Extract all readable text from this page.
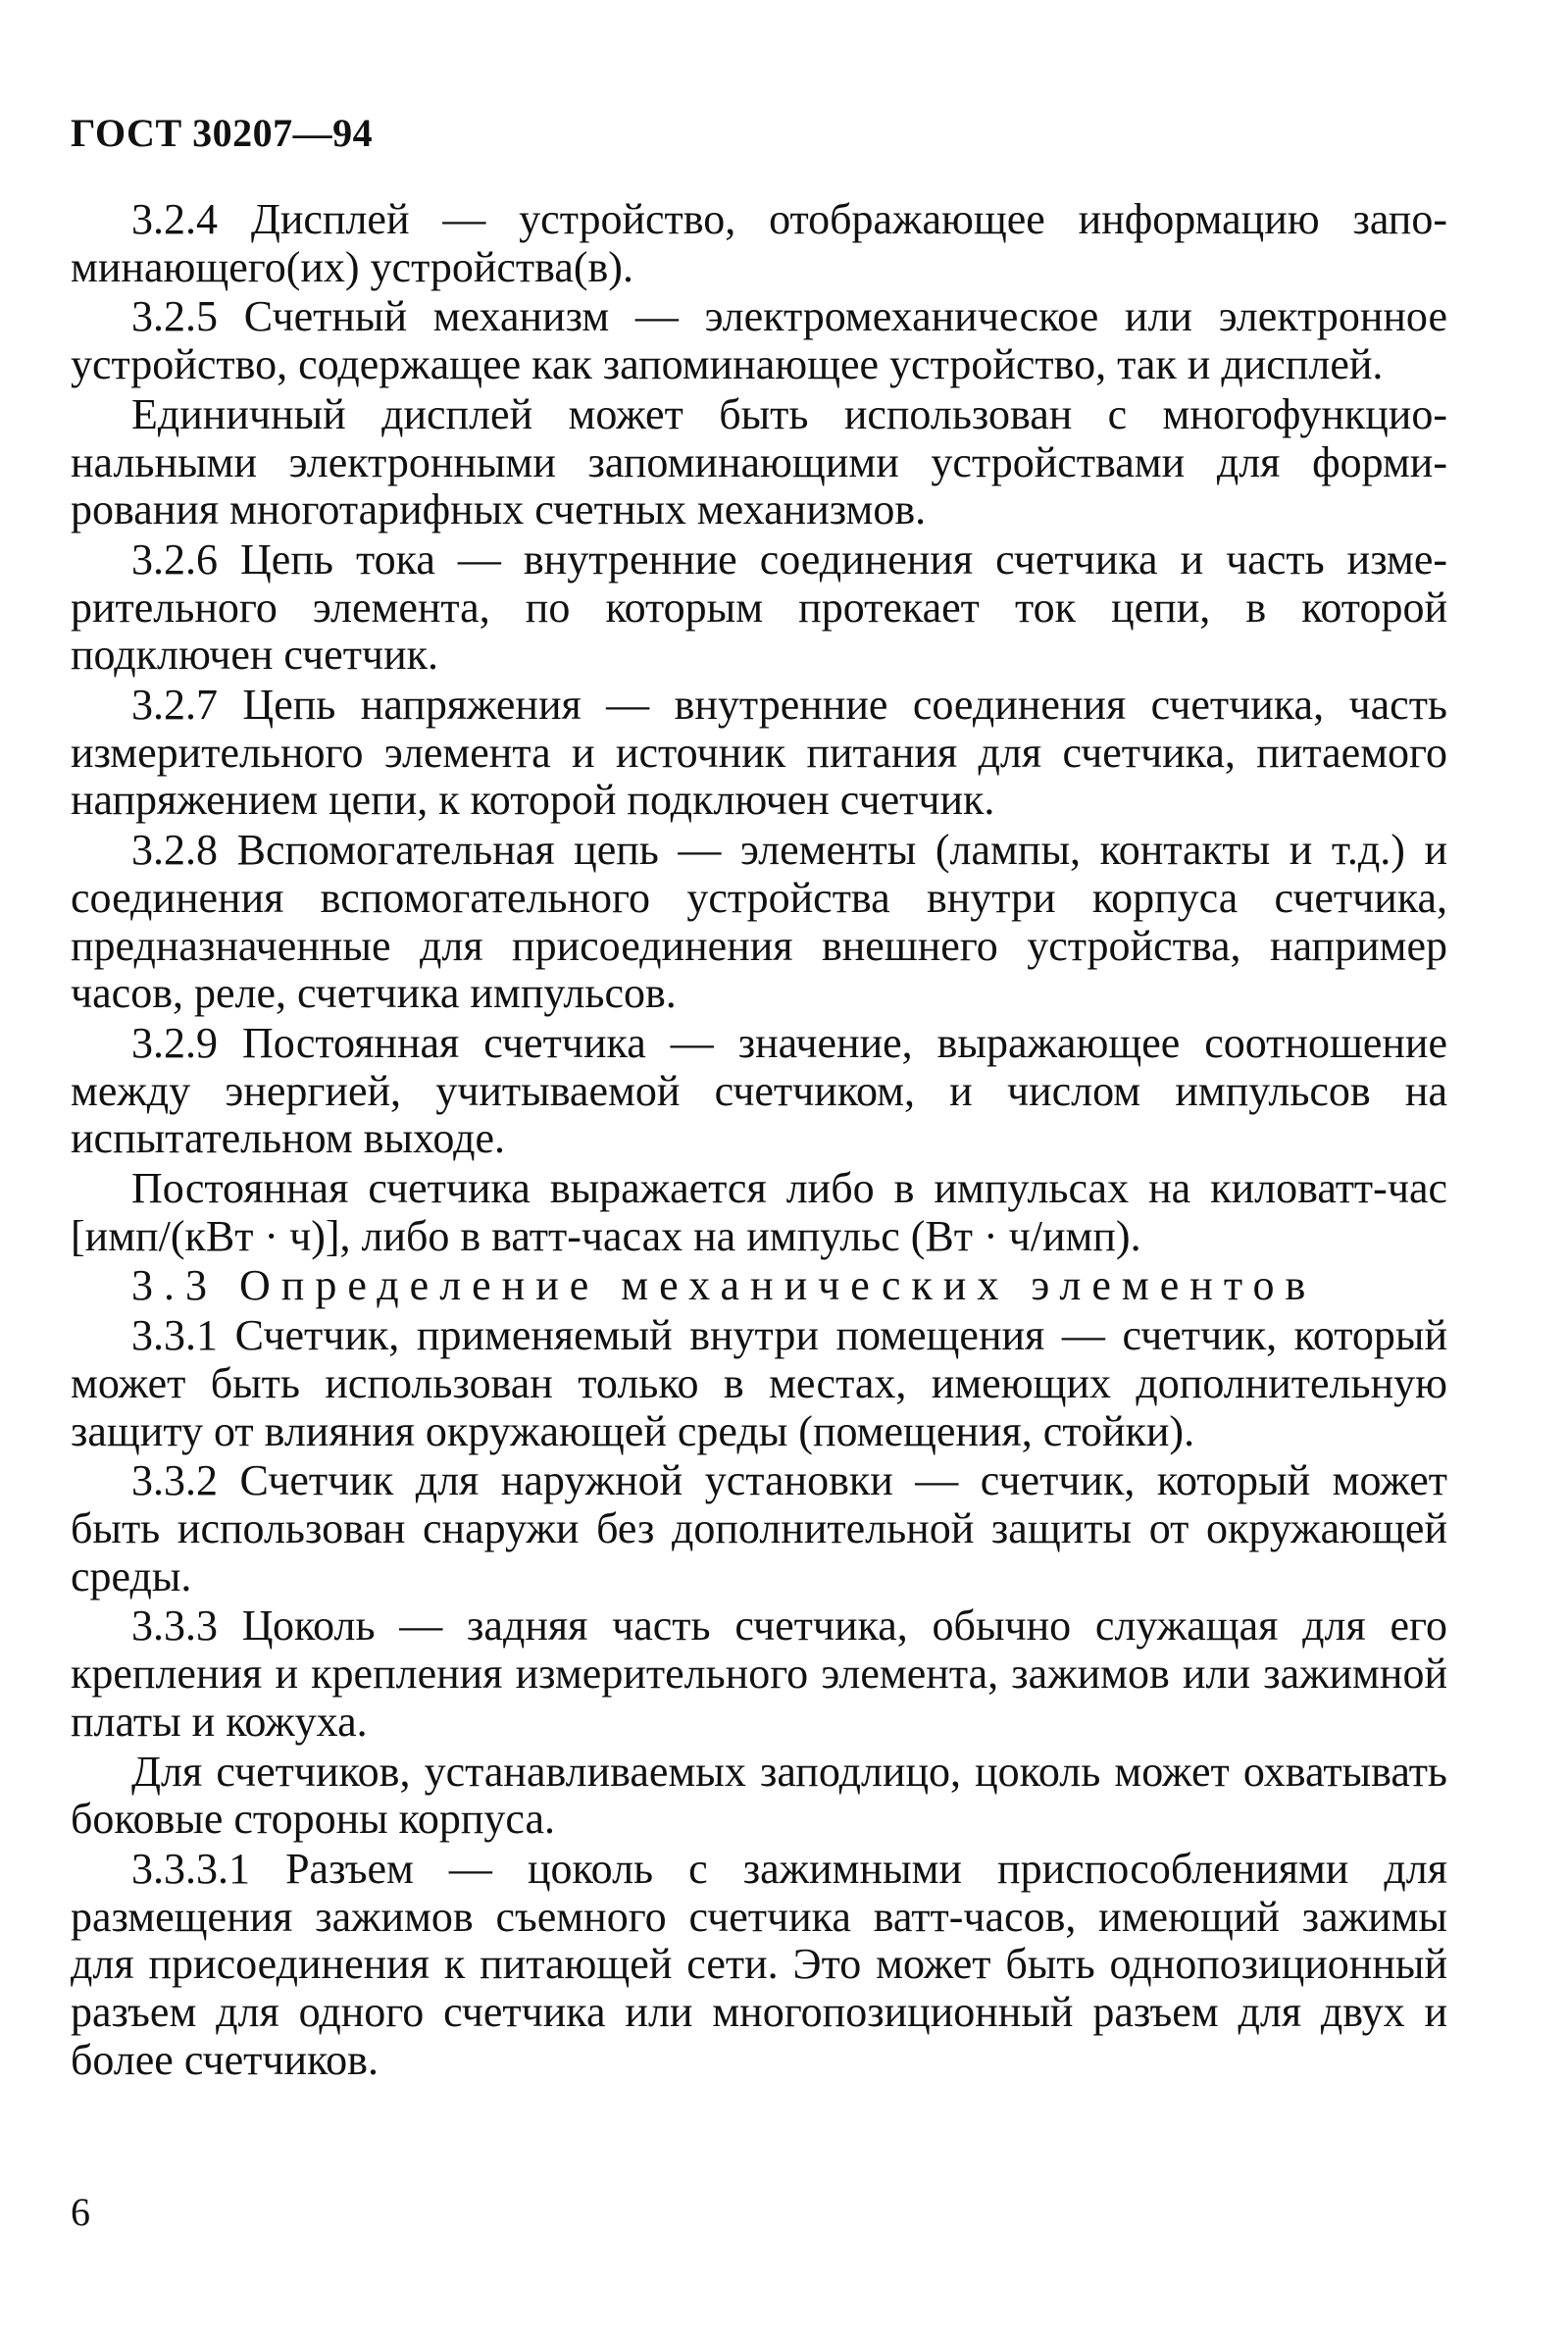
ГОСТ 30207—94

3.2.4 Дисплей — устройство, отображающее информацию запоминающего(их) устройства(в).

3.2.5 Счетный механизм — электромеханическое или электронное устройство, содержащее как запоминающее устройство, так и дисплей.

Единичный дисплей может быть использован с многофункциональными электронными запоминающими устройствами для формирования многотарифных счетных механизмов.

3.2.6 Цепь тока — внутренние соединения счетчика и часть измерительного элемента, по которым протекает ток цепи, в которой подключен счетчик.

3.2.7 Цепь напряжения — внутренние соединения счетчика, часть измерительного элемента и источник питания для счетчика, питаемого напряжением цепи, к которой подключен счетчик.

3.2.8 Вспомогательная цепь — элементы (лампы, контакты и т.д.) и соединения вспомогательного устройства внутри корпуса счетчика, предназначенные для присоединения внешнего устройства, например часов, реле, счетчика импульсов.

3.2.9 Постоянная счетчика — значение, выражающее соотношение между энергией, учитываемой счетчиком, и числом импульсов на испытательном выходе.

Постоянная счетчика выражается либо в импульсах на киловатт-час [имп/(кВт · ч)], либо в ватт-часах на импульс (Вт · ч/имп).

3.3 Определение механических элементов

3.3.1 Счетчик, применяемый внутри помещения — счетчик, который может быть использован только в местах, имеющих дополнительную защиту от влияния окружающей среды (помещения, стойки).

3.3.2 Счетчик для наружной установки — счетчик, который может быть использован снаружи без дополнительной защиты от окружающей среды.

3.3.3 Цоколь — задняя часть счетчика, обычно служащая для его крепления и крепления измерительного элемента, зажимов или зажимной платы и кожуха.

Для счетчиков, устанавливаемых заподлицо, цоколь может охватывать боковые стороны корпуса.

3.3.3.1 Разъем — цоколь с зажимными приспособлениями для размещения зажимов съемного счетчика ватт-часов, имеющий зажимы для присоединения к питающей сети. Это может быть однопозиционный разъем для одного счетчика или многопозиционный разъем для двух и более счетчиков.

6
